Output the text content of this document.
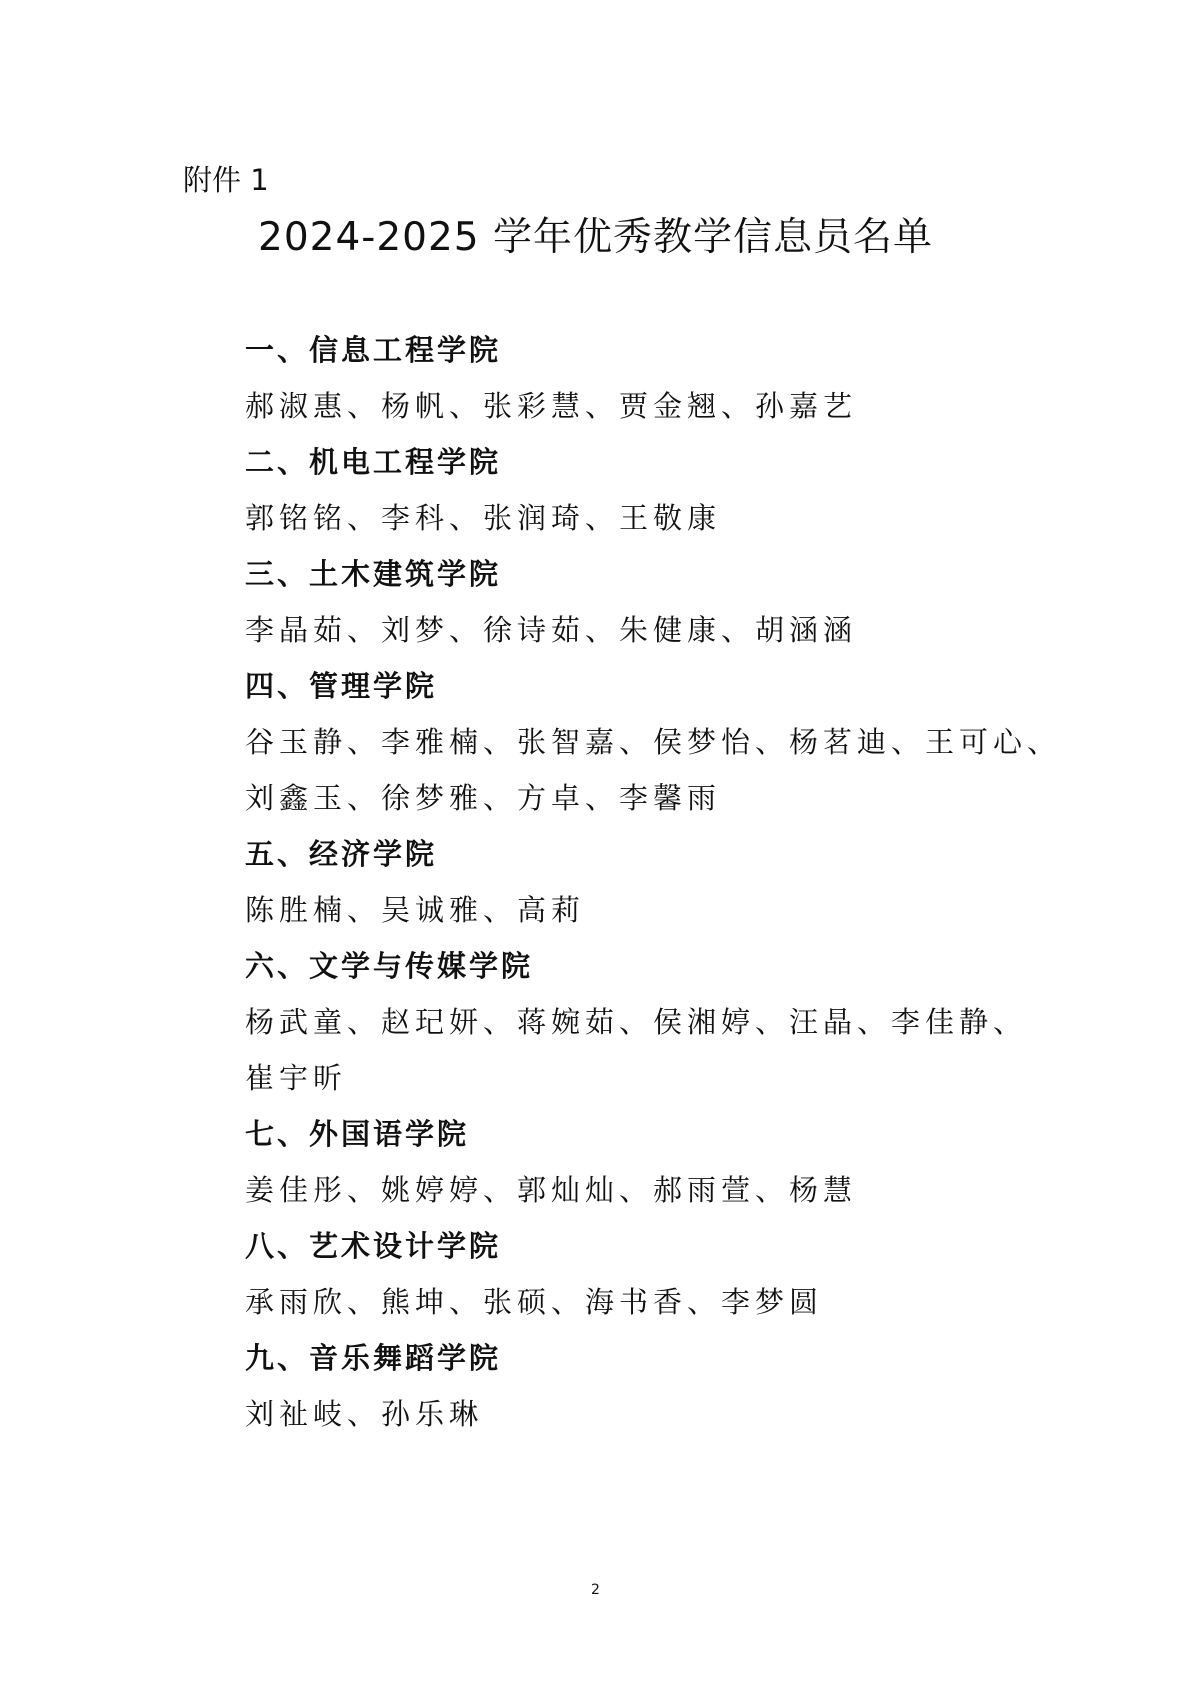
附件 1

2024-2025 学年优秀教学信息员名单
一、信息工程学院
郝淑惠、杨帆、张彩慧、贾金翘、孙嘉艺
二、机电工程学院
郭铭铭、李科、张润琦、王敬康
三、土木建筑学院
李晶茹、刘梦、徐诗茹、朱健康、胡涵涵
四、管理学院
谷玉静、李雅楠、张智嘉、侯梦怡、杨茗迪、王可心、
刘鑫玉、徐梦雅、方卓、李馨雨
五、经济学院
陈胜楠、吴诚雅、高莉
六、文学与传媒学院
杨武童、赵玘妍、蒋婉茹、侯湘婷、汪晶、李佳静、
崔宇昕
七、外国语学院
姜佳彤、姚婷婷、郭灿灿、郝雨萱、杨慧
八、艺术设计学院
承雨欣、熊坤、张硕、海书香、李梦圆
九、音乐舞蹈学院
刘祉岐、孙乐琳
2
